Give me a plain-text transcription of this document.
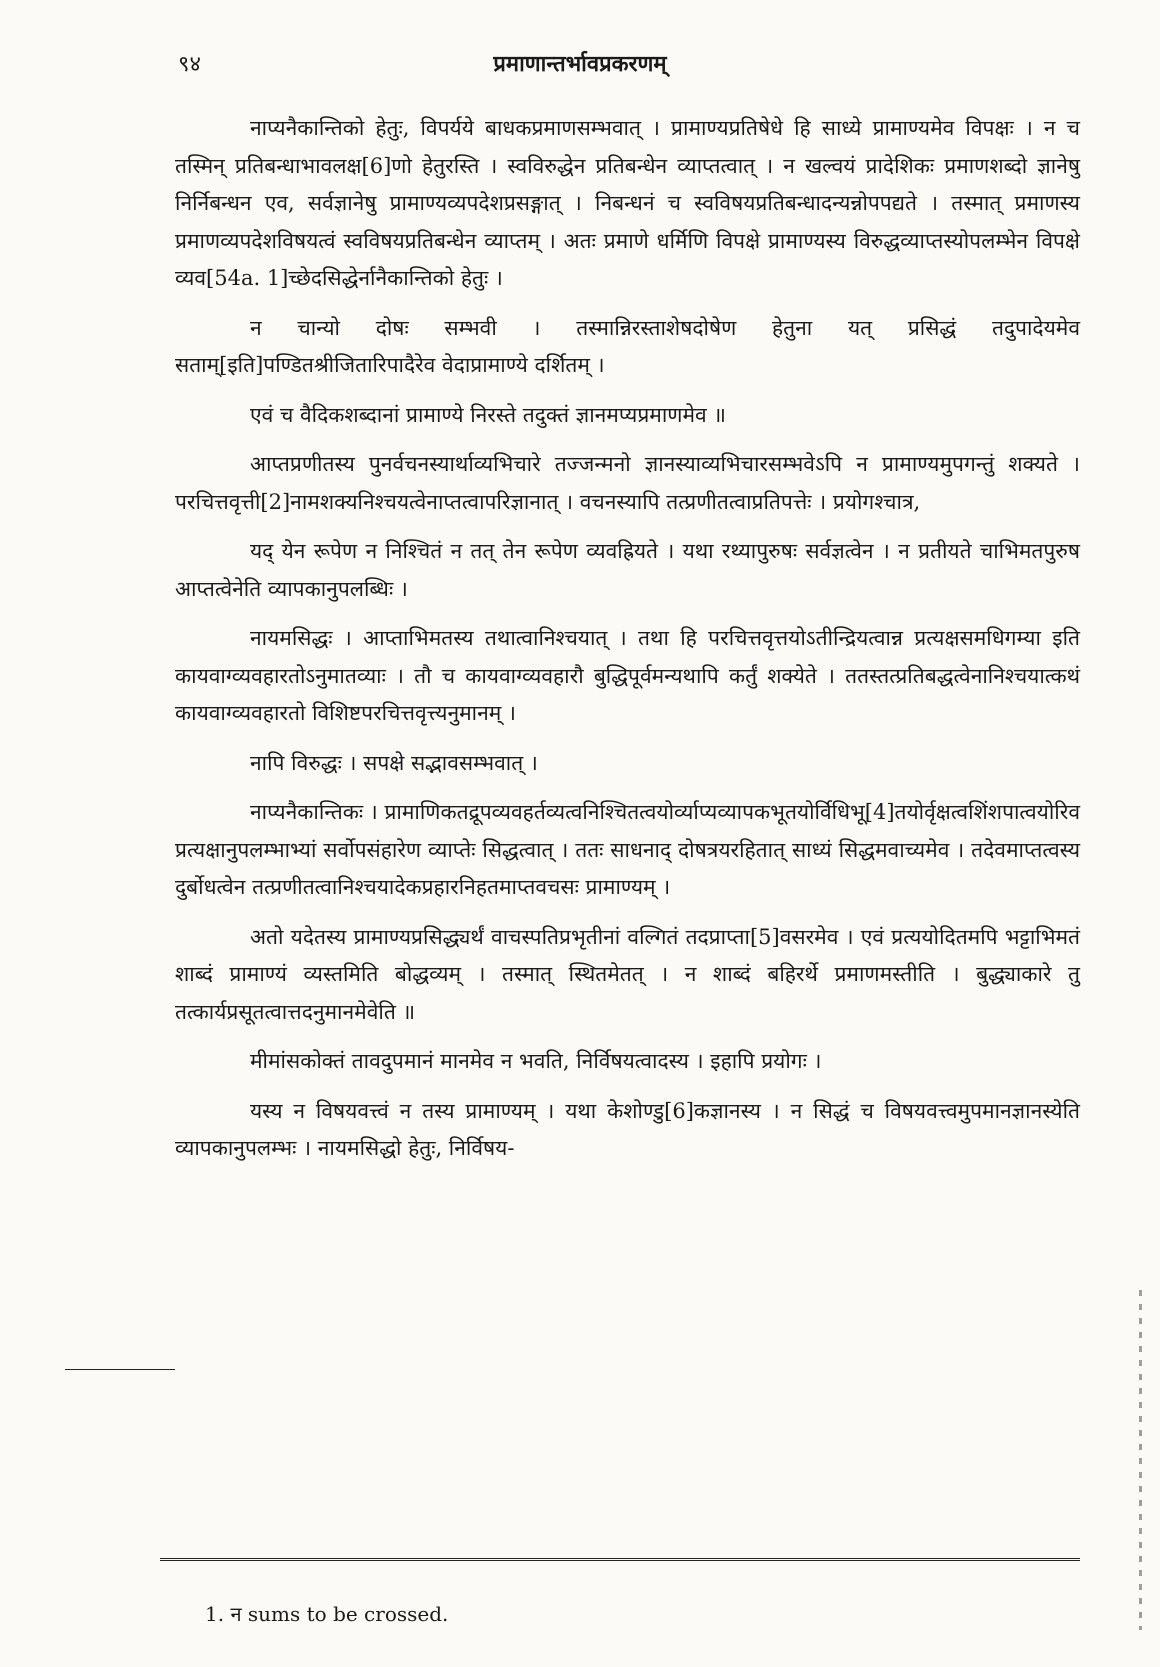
९४	प्रमाणान्तर्भावप्रकरणम्

नाप्यनैकान्तिको हेतुः, विपर्यये बाधकप्रमाणसम्भवात् । प्रामाण्यप्रतिषेधे हि साध्ये प्रामाण्यमेव विपक्षः । न च तस्मिन् प्रतिबन्धाभावलक्ष[6]णो हेतुरस्ति । स्वविरुद्धेन प्रतिबन्धेन व्याप्तत्वात् । न खल्वयं प्रादेशिकः प्रमाणशब्दो ज्ञानेषु निर्निबन्धन एव, सर्वज्ञानेषु प्रामाण्यव्यपदेशप्रसङ्गात् । निबन्धनं च स्वविषयप्रतिबन्धादन्यन्नोपपद्यते । तस्मात् प्रमाणस्य प्रमाणव्यपदेशविषयत्वं स्वविषयप्रतिबन्धेन व्याप्तम् । अतः प्रमाणे धर्मिणि विपक्षे प्रामाण्यस्य विरुद्धव्याप्तस्योपलम्भेन विपक्षे व्यव[54a. 1]च्छेदसिद्धेर्नानैकान्तिको हेतुः ।

न चान्यो दोषः सम्भवी । तस्मान्निरस्ताशेषदोषेण हेतुना यत् प्रसिद्धं तदुपादेयमेव सताम्[इति]पण्डितश्रीजितारिपादैरेव वेदाप्रामाण्ये दर्शितम् ।

एवं च वैदिकशब्दानां प्रामाण्ये निरस्ते तदुक्तं ज्ञानमप्यप्रमाणमेव ॥

आप्तप्रणीतस्य पुनर्वचनस्यार्थाव्यभिचारे तज्जन्मनो ज्ञानस्याव्यभिचारसम्भवेऽपि न प्रामाण्यमुपगन्तुं शक्यते । परचित्तवृत्ती[2]नामशक्यनिश्चयत्वेनाप्तत्वापरिज्ञानात् । वचनस्यापि तत्प्रणीतत्वाप्रतिपत्तेः । प्रयोगश्चात्र,

यद् येन रूपेण न निश्चितं न तत् तेन रूपेण व्यवह्रियते । यथा रथ्यापुरुषः सर्वज्ञत्वेन । न प्रतीयते चाभिमतपुरुष आप्तत्वेनेति व्यापकानुपलब्धिः ।

नायमसिद्धः । आप्ताभिमतस्य तथात्वानिश्चयात् । तथा हि परचित्तवृत्तयोऽतीन्द्रियत्वान्न प्रत्यक्षसमधिगम्या इति कायवाग्व्यवहारतोऽनुमातव्याः । तौ च कायवाग्व्यवहारौ बुद्धिपूर्वमन्यथापि कर्तुं शक्येते । ततस्तत्प्रतिबद्धत्वेनानिश्चयात्कथं कायवाग्व्यवहारतो विशिष्टपरचित्तवृत्त्यनुमानम् ।

नापि विरुद्धः । सपक्षे सद्भावसम्भवात् ।

नाप्यनैकान्तिकः । प्रामाणिकतद्रूपव्यवहर्तव्यत्वनिश्चितत्वयोर्व्याप्यव्यापकभूतयोर्विधिभू[4]तयोर्वृक्षत्वशिंशपात्वयोरिव प्रत्यक्षानुपलम्भाभ्यां सर्वोपसंहारेण व्याप्तेः सिद्धत्वात् । ततः साधनाद् दोषत्रयरहितात् साध्यं सिद्धमवाच्यमेव । तदेवमाप्तत्वस्य दुर्बोधत्वेन तत्प्रणीतत्वानिश्चयादेकप्रहारनिहतमाप्तवचसः प्रामाण्यम् ।

अतो यदेतस्य प्रामाण्यप्रसिद्ध्यर्थं वाचस्पतिप्रभृतीनां वल्गितं तदप्राप्ता[5]वसरमेव । एवं प्रत्ययोदितमपि भट्टाभिमतं शाब्दं प्रामाण्यं व्यस्तमिति बोद्धव्यम् । तस्मात् स्थितमेतत् । न शाब्दं बहिरर्थे प्रमाणमस्तीति । बुद्ध्याकारे तु तत्कार्यप्रसूतत्वात्तदनुमानमेवेति ॥

मीमांसकोक्तं तावदुपमानं मानमेव न भवति, निर्विषयत्वादस्य । इहापि प्रयोगः ।

यस्य न विषयवत्त्वं न तस्य प्रामाण्यम् । यथा केशोण्डु[6]कज्ञानस्य । न सिद्धं च विषयवत्त्वमुपमानज्ञानस्येति व्यापकानुपलम्भः । नायमसिद्धो हेतुः, निर्विषय-

1. न sums to be crossed.
